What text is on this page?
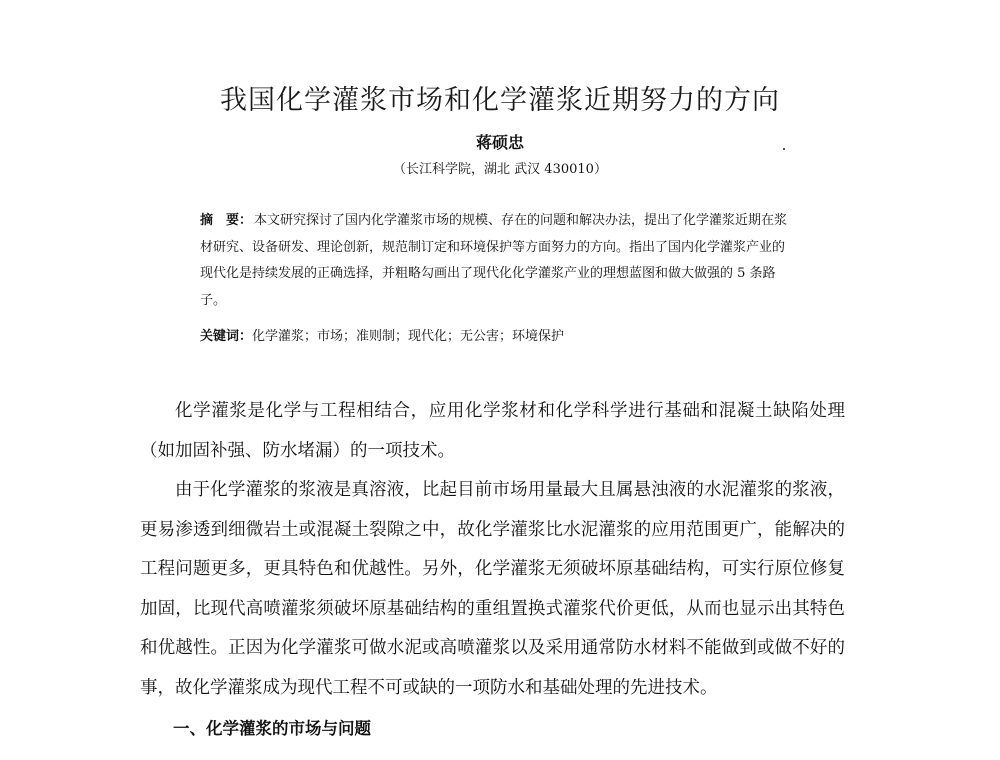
我国化学灌浆市场和化学灌浆近期努力的方向
蒋硕忠
（长江科学院，湖北 武汉 430010）
摘　要： 本文研究探讨了国内化学灌浆市场的规模、存在的问题和解决办法，提出了化学灌浆近期在浆材研究、设备研发、理论创新，规范制订定和环境保护等方面努力的方向。指出了国内化学灌浆产业的现代化是持续发展的正确选择，并粗略勾画出了现代化化学灌浆产业的理想蓝图和做大做强的 5 条路子。
关键词：化学灌浆；市场；准则制；现代化；无公害；环境保护

化学灌浆是化学与工程相结合，应用化学浆材和化学科学进行基础和混凝土缺陷处理（如加固补强、防水堵漏）的一项技术。

由于化学灌浆的浆液是真溶液，比起目前市场用量最大且属悬浊液的水泥灌浆的浆液，更易渗透到细微岩土或混凝土裂隙之中，故化学灌浆比水泥灌浆的应用范围更广，能解决的工程问题更多，更具特色和优越性。另外，化学灌浆无须破坏原基础结构，可实行原位修复加固，比现代高喷灌浆须破坏原基础结构的重组置换式灌浆代价更低，从而也显示出其特色和优越性。正因为化学灌浆可做水泥或高喷灌浆以及采用通常防水材料不能做到或做不好的事，故化学灌浆成为现代工程不可或缺的一项防水和基础处理的先进技术。

一、化学灌浆的市场与问题
